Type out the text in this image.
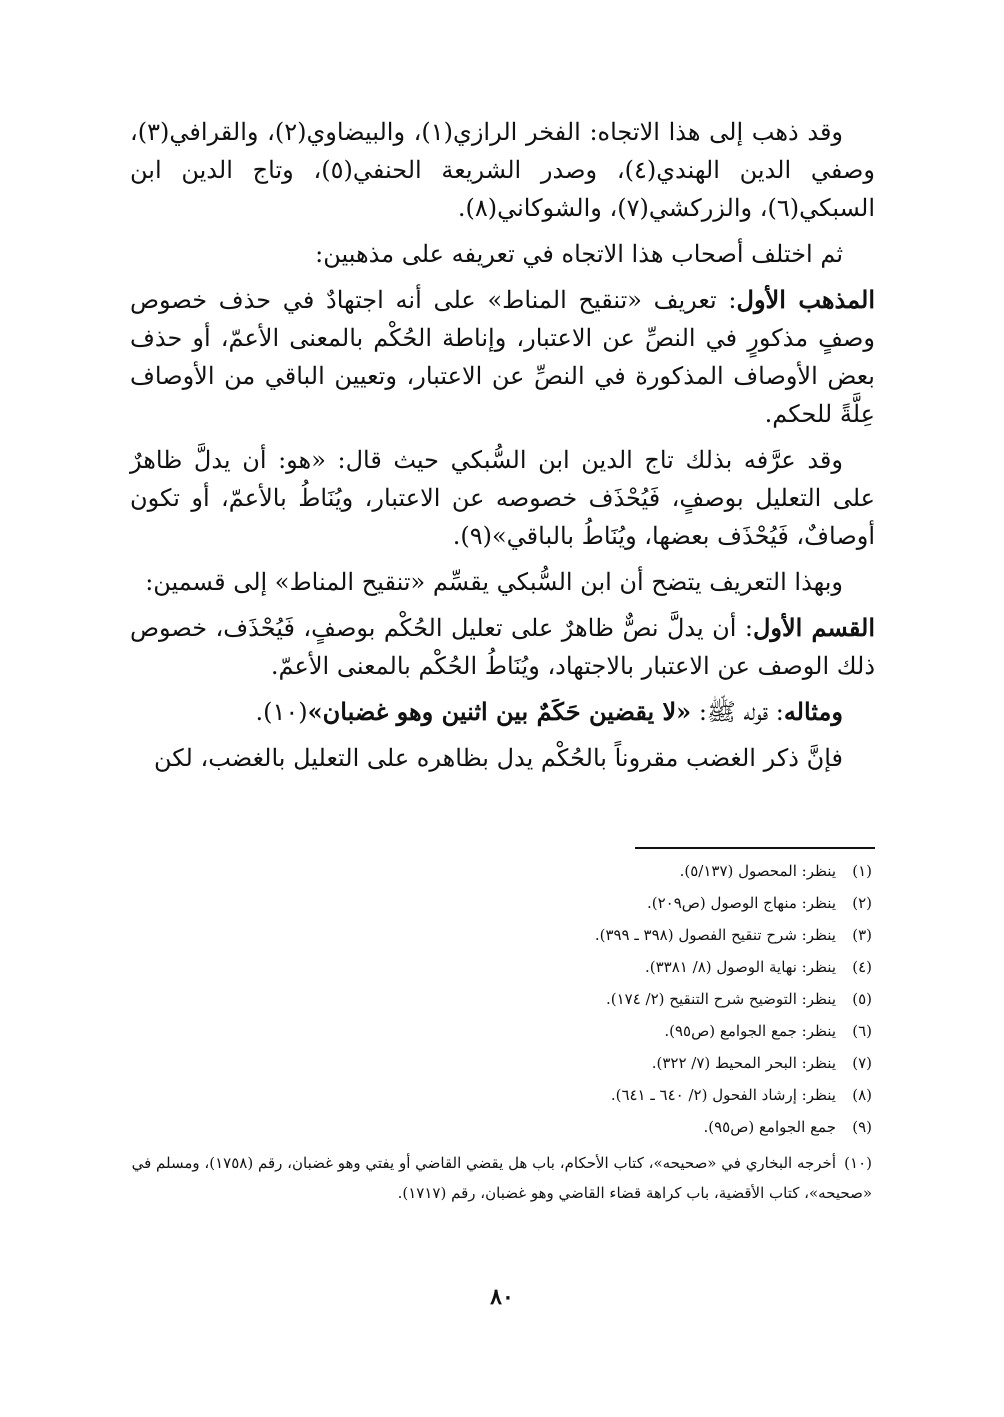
وقد ذهب إلى هذا الاتجاه: الفخر الرازي(١)، والبيضاوي(٢)، والقرافي(٣)، وصفي الدين الهندي(٤)، وصدر الشريعة الحنفي(٥)، وتاج الدين ابن السبكي(٦)، والزركشي(٧)، والشوكاني(٨).

ثم اختلف أصحاب هذا الاتجاه في تعريفه على مذهبين:

المذهب الأول: تعريف «تنقيح المناط» على أنه اجتهادٌ في حذف خصوص وصفٍ مذكورٍ في النصِّ عن الاعتبار، وإناطة الحُكْم بالمعنى الأعمّ، أو حذف بعض الأوصاف المذكورة في النصِّ عن الاعتبار، وتعيين الباقي من الأوصاف عِلَّةً للحكم.

وقد عرَّفه بذلك تاج الدين ابن السُّبكي حيث قال: «هو: أن يدلَّ ظاهرٌ على التعليل بوصفٍ، فَيُحْذَف خصوصه عن الاعتبار، ويُنَاطُ بالأعمّ، أو تكون أوصافٌ، فَيُحْذَف بعضها، ويُنَاطُ بالباقي»(٩).

وبهذا التعريف يتضح أن ابن السُّبكي يقسِّم «تنقيح المناط» إلى قسمين:

القسم الأول: أن يدلَّ نصٌّ ظاهرٌ على تعليل الحُكْم بوصفٍ، فَيُحْذَف، خصوص ذلك الوصف عن الاعتبار بالاجتهاد، ويُنَاطُ الحُكْم بالمعنى الأعمّ.

ومثاله: قوله ﷺ: «لا يقضين حَكَمٌ بين اثنين وهو غضبان»(١٠).

فإنَّ ذكر الغضب مقروناً بالحُكْم يدل بظاهره على التعليل بالغضب، لكن

(١)ينظر: المحصول (٥/١٣٧).
(٢)ينظر: منهاج الوصول (ص٢٠٩).
(٣)ينظر: شرح تنقيح الفصول (٣٩٨ ـ ٣٩٩).
(٤)ينظر: نهاية الوصول (٨/ ٣٣٨١).
(٥)ينظر: التوضيح شرح التنقيح (٢/ ١٧٤).
(٦)ينظر: جمع الجوامع (ص٩٥).
(٧)ينظر: البحر المحيط (٧/ ٣٢٢).
(٨)ينظر: إرشاد الفحول (٢/ ٦٤٠ ـ ٦٤١).
(٩)جمع الجوامع (ص٩٥).
(١٠)أخرجه البخاري في «صحيحه»، كتاب الأحكام، باب هل يقضي القاضي أو يفتي وهو غضبان، رقم (١٧٥٨)، ومسلم في «صحيحه»، كتاب الأقضية، باب كراهة قضاء القاضي وهو غضبان، رقم (١٧١٧).
٨٠
